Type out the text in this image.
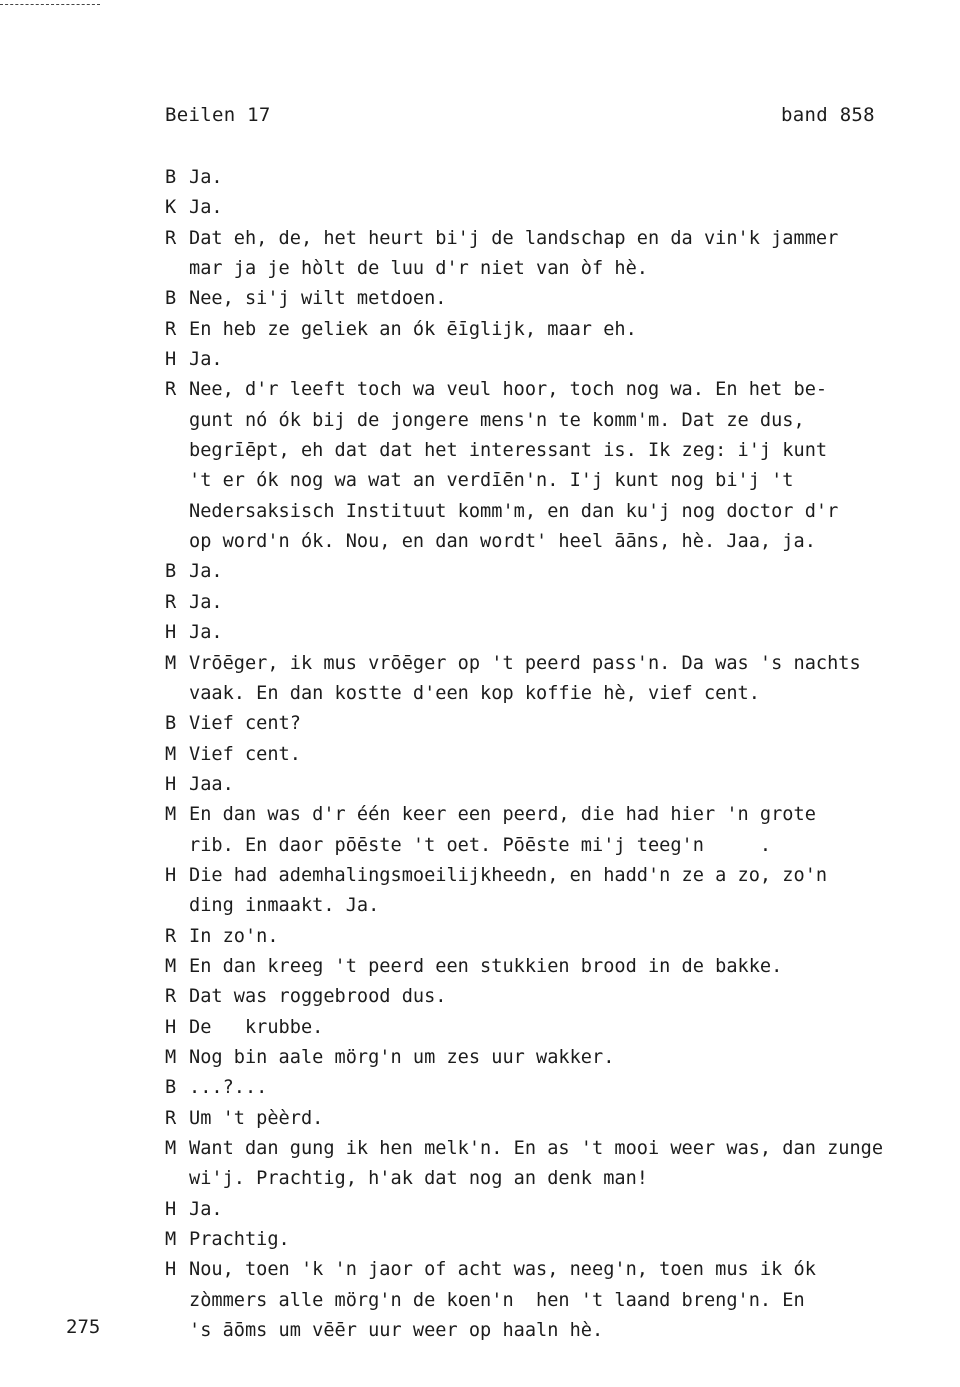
Beilen 17	band 858
B Ja.
K Ja.
R Dat eh, de, het heurt bi'j de landschap en da vin'k jammer
mar ja je hòlt de luu d'r niet van òf hè.
B Nee, si'j wilt metdoen.
R En heb ze geliek an ók ēīglijk, maar eh.
H Ja.
R Nee, d'r leeft toch wa veul hoor, toch nog wa. En het be-
gunt nó ók bij de jongere mens'n te komm'm. Dat ze dus,
begrīēpt, eh dat dat het interessant is. Ik zeg: i'j kunt
't er ók nog wa wat an verdīēn'n. I'j kunt nog bi'j 't
Nedersaksisch Instituut komm'm, en dan ku'j nog doctor d'r
op word'n ók. Nou, en dan wordt' heel āāns, hè. Jaa, ja.
B Ja.
R Ja.
H Ja.
M Vrōēger, ik mus vrōēger op 't peerd pass'n. Da was 's nachts
vaak. En dan kostte d'een kop koffie hè, vief cent.
B Vief cent?
M Vief cent.
H Jaa.
M En dan was d'r één keer een peerd, die had hier 'n grote
rib. En daor pōēste 't oet. Pōēste mi'j teeg'n     .
H Die had ademhalingsmoeilijkheedn, en hadd'n ze a zo, zo'n
ding inmaakt. Ja.
R In zo'n.
M En dan kreeg 't peerd een stukkien brood in de bakke.
R Dat was roggebrood dus.
H De   krubbe.
M Nog bin aale mörg'n um zes uur wakker.
B ...?...
R Um 't pèèrd.
M Want dan gung ik hen melk'n. En as 't mooi weer was, dan zunge
wi'j. Prachtig, h'ak dat nog an denk man!
H Ja.
M Prachtig.
H Nou, toen 'k 'n jaor of acht was, neeg'n, toen mus ik ók
zòmmers alle mörg'n de koen'n  hen 't laand breng'n. En
's āōms um vēēr uur weer op haaln hè.
275
